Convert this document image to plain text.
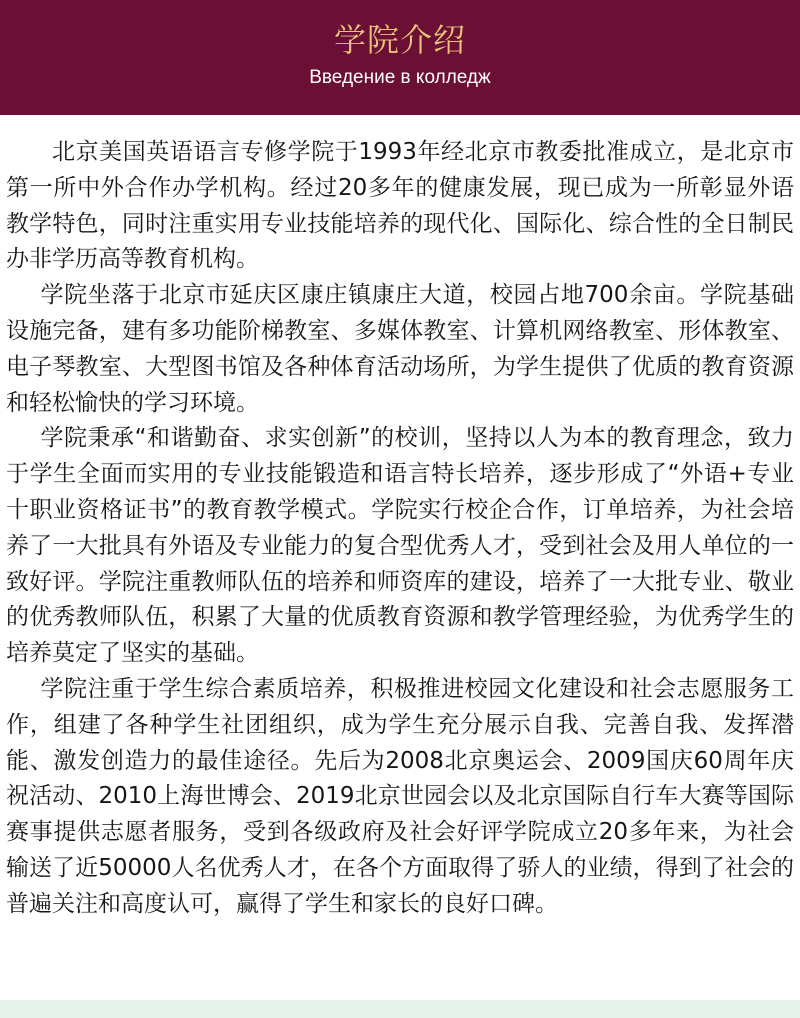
学院介绍
Введение в колледж

北京美国英语语言专修学院于1993年经北京市教委批准成立，是北京市第一所中外合作办学机构。经过20多年的健康发展，现已成为一所彰显外语教学特色，同时注重实用专业技能培养的现代化、国际化、综合性的全日制民办非学历高等教育机构。

学院坐落于北京市延庆区康庄镇康庄大道，校园占地700余亩。学院基础设施完备，建有多功能阶梯教室、多媒体教室、计算机网络教室、形体教室、电子琴教室、大型图书馆及各种体育活动场所，为学生提供了优质的教育资源和轻松愉快的学习环境。

学院秉承“和谐勤奋、求实创新”的校训，坚持以人为本的教育理念，致力于学生全面而实用的专业技能锻造和语言特长培养，逐步形成了“外语+专业十职业资格证书”的教育教学模式。学院实行校企合作，订单培养，为社会培养了一大批具有外语及专业能力的复合型优秀人才，受到社会及用人单位的一致好评。学院注重教师队伍的培养和师资库的建设，培养了一大批专业、敬业的优秀教师队伍，积累了大量的优质教育资源和教学管理经验，为优秀学生的培养莫定了坚实的基础。

学院注重于学生综合素质培养，积极推进校园文化建设和社会志愿服务工作，组建了各种学生社团组织，成为学生充分展示自我、完善自我、发挥潜能、激发创造力的最佳途径。先后为2008北京奥运会、2009国庆60周年庆祝活动、2010上海世博会、2019北京世园会以及北京国际自行车大赛等国际赛事提供志愿者服务，受到各级政府及社会好评学院成立20多年来，为社会输送了近50000人名优秀人才，在各个方面取得了骄人的业绩，得到了社会的普遍关注和高度认可，赢得了学生和家长的良好口碑。
